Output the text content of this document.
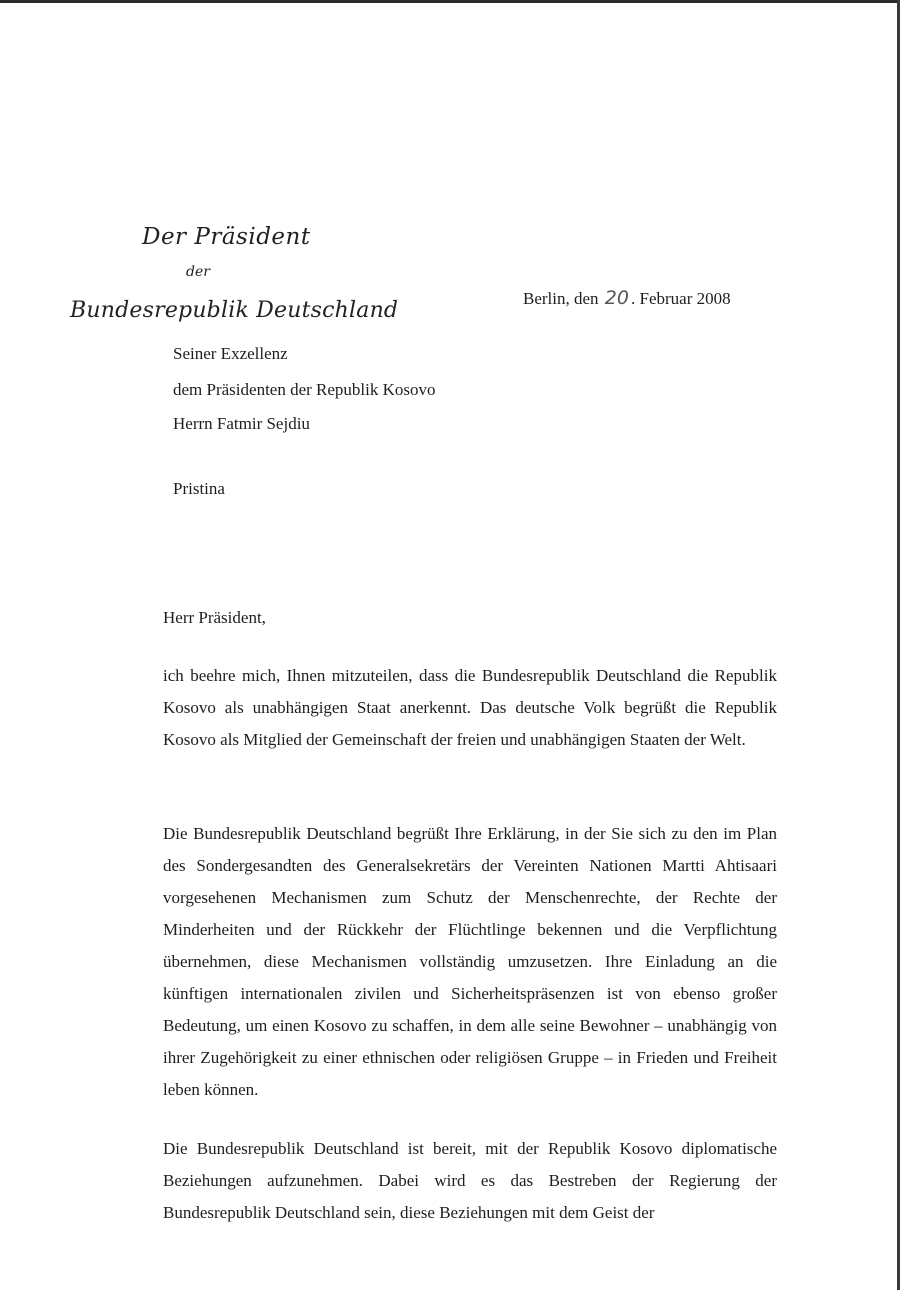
Der Präsident
der
Bundesrepublik Deutschland	Berlin, den 20 . Februar 2008
Seiner Exzellenz
dem Präsidenten der Republik Kosovo
Herrn Fatmir Sejdiu
Pristina
Herr Präsident,

ich beehre mich, Ihnen mitzuteilen, dass die Bundesrepublik Deutschland die Republik Kosovo als unabhängigen Staat anerkennt. Das deutsche Volk begrüßt die Republik Kosovo als Mitglied der Gemeinschaft der freien und unabhängigen Staaten der Welt.

Die Bundesrepublik Deutschland begrüßt Ihre Erklärung, in der Sie sich zu den im Plan des Sondergesandten des Generalsekretärs der Vereinten Nationen Martti Ahtisaari vorgesehenen Mechanismen zum Schutz der Menschenrechte, der Rechte der Minderheiten und der Rückkehr der Flüchtlinge bekennen und die Verpflichtung übernehmen, diese Mechanismen vollständig umzusetzen. Ihre Einladung an die künftigen internationalen zivilen und Sicherheitspräsenzen ist von ebenso großer Bedeutung, um einen Kosovo zu schaffen, in dem alle seine Bewohner – unabhängig von ihrer Zugehörigkeit zu einer ethnischen oder religiösen Gruppe – in Frieden und Freiheit leben können.

Die Bundesrepublik Deutschland ist bereit, mit der Republik Kosovo diplomatische Beziehungen aufzunehmen. Dabei wird es das Bestreben der Regierung der Bundesrepublik Deutschland sein, diese Beziehungen mit dem Geist der
